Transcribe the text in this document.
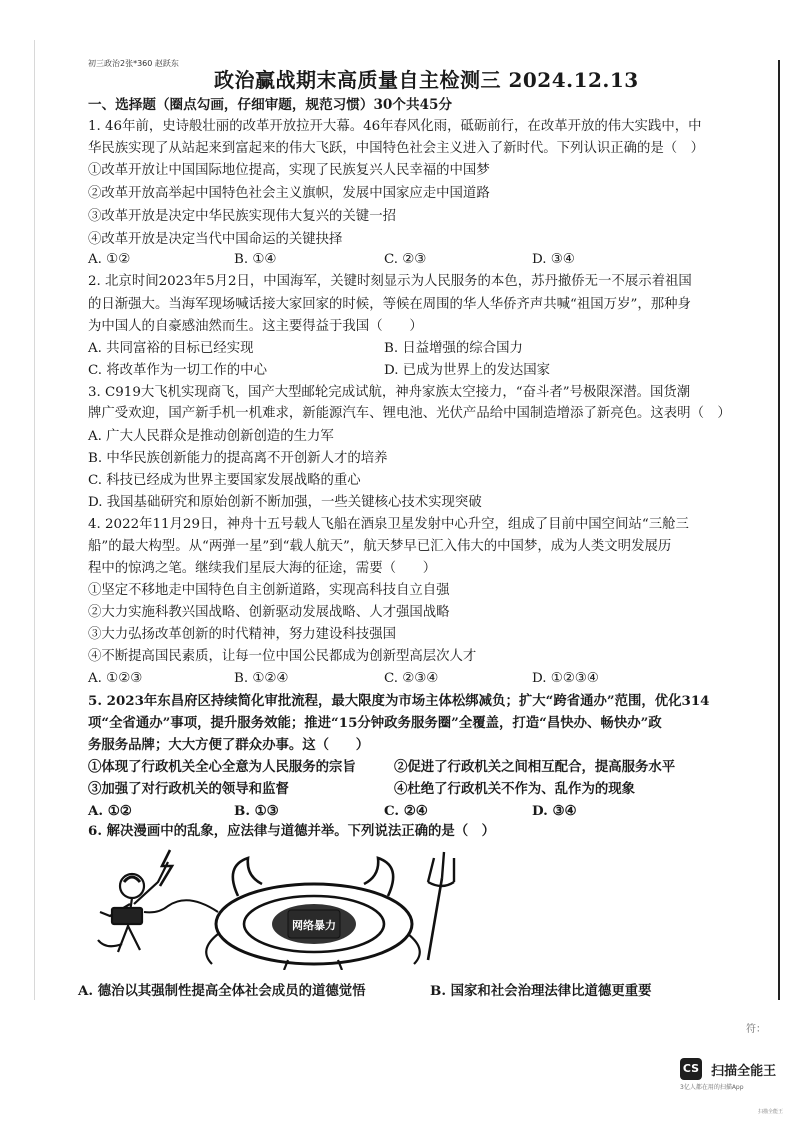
初三政治2张*360 赵跃东
政治赢战期末高质量自主检测三 2024.12.13
一、选择题（圈点勾画，仔细审题，规范习惯）30个共45分
1. 46年前，史诗般壮丽的改革开放拉开大幕。46年春风化雨，砥砺前行，在改革开放的伟大实践中，中
华民族实现了从站起来到富起来的伟大飞跃，中国特色社会主义进入了新时代。下列认识正确的是（　）
①改革开放让中国国际地位提高，实现了民族复兴人民幸福的中国梦
②改革开放高举起中国特色社会主义旗帜，发展中国家应走中国道路
③改革开放是决定中华民族实现伟大复兴的关键一招
④改革开放是决定当代中国命运的关键抉择
A. ①②	B. ①④	C. ②③	D. ③④
2. 北京时间2023年5月2日，中国海军，关键时刻显示为人民服务的本色，苏丹撤侨无一不展示着祖国
的日渐强大。当海军现场喊话接大家回家的时候，等候在周围的华人华侨齐声共喊“祖国万岁”，那种身
为中国人的自豪感油然而生。这主要得益于我国（　　）
A. 共同富裕的目标已经实现	B. 日益增强的综合国力
C. 将改革作为一切工作的中心	D. 已成为世界上的发达国家
3. C919大飞机实现商飞，国产大型邮轮完成试航，神舟家族太空接力，“奋斗者”号极限深潜。国货潮
牌广受欢迎，国产新手机一机难求，新能源汽车、锂电池、光伏产品给中国制造增添了新亮色。这表明（　）
A. 广大人民群众是推动创新创造的生力军
B. 中华民族创新能力的提高离不开创新人才的培养
C. 科技已经成为世界主要国家发展战略的重心
D. 我国基础研究和原始创新不断加强，一些关键核心技术实现突破
4. 2022年11月29日，神舟十五号载人飞船在酒泉卫星发射中心升空，组成了目前中国空间站“三舱三
船”的最大构型。从“两弹一星”到“载人航天”，航天梦早已汇入伟大的中国梦，成为人类文明发展历
程中的惊鸿之笔。继续我们星辰大海的征途，需要（　　）
①坚定不移地走中国特色自主创新道路，实现高科技自立自强
②大力实施科教兴国战略、创新驱动发展战略、人才强国战略
③大力弘扬改革创新的时代精神，努力建设科技强国
④不断提高国民素质，让每一位中国公民都成为创新型高层次人才
A. ①②③	B. ①②④	C. ②③④	D. ①②③④
5. 2023年东昌府区持续简化审批流程，最大限度为市场主体松绑减负；扩大“跨省通办”范围，优化314
项“全省通办”事项，提升服务效能；推进“15分钟政务服务圈”全覆盖，打造“昌快办、畅快办”政
务服务品牌；大大方便了群众办事。这（　　）
①体现了行政机关全心全意为人民服务的宗旨	②促进了行政机关之间相互配合，提高服务水平
③加强了对行政机关的领导和监督	④杜绝了行政机关不作为、乱作为的现象
A. ①②	B. ①③	C. ②④	D. ③④
6. 解决漫画中的乱象，应法律与道德并举。下列说法正确的是（　）
网络暴力
A. 德治以其强制性提高全体社会成员的道德觉悟	B. 国家和社会治理法律比道德更重要
符：
CS 扫描全能王
3亿人都在用的扫描App
扫描全能王
